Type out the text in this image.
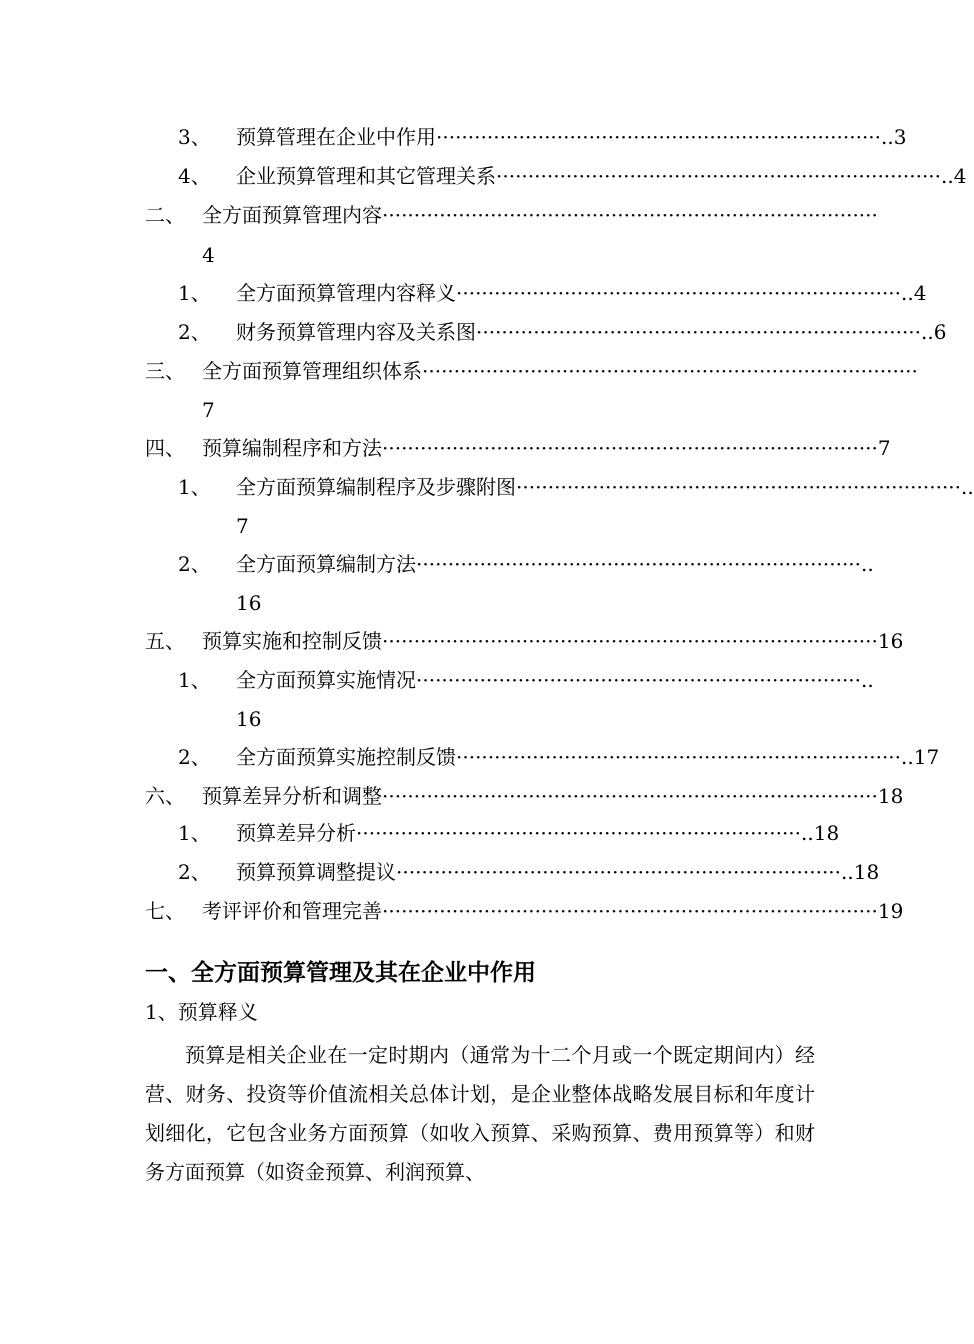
3、 预算管理在企业中作用 ······································································ ..3
4、 企业预算管理和其它管理关系 ······································································ ..4
二、 全方面预算管理内容 ··············································································
4
1、 全方面预算管理内容释义 ······································································ ..4
2、 财务预算管理内容及关系图 ······································································ ..6
三、 全方面预算管理组织体系 ··············································································
7
四、 预算编制程序和方法 ·············································································· 7
1、 全方面预算编制程序及步骤附图 ······································································ ..
7
2、 全方面预算编制方法 ······································································ ..
16
五、 预算实施和控制反馈 ·············································································· 16
1、 全方面预算实施情况 ······································································ ..
16
2、 全方面预算实施控制反馈 ······································································ ..17
六、 预算差异分析和调整 ·············································································· 18
1、 预算差异分析 ······································································ ..18
2、 预算预算调整提议 ······································································ ..18
七、 考评评价和管理完善 ·············································································· 19
一、全方面预算管理及其在企业中作用
1、预算释义
预算是相关企业在一定时期内（通常为十二个月或一个既定期间内）经营、财务、投资等价值流相关总体计划，是企业整体战略发展目标和年度计划细化，它包含业务方面预算（如收入预算、采购预算、费用预算等）和财务方面预算（如资金预算、利润预算、
